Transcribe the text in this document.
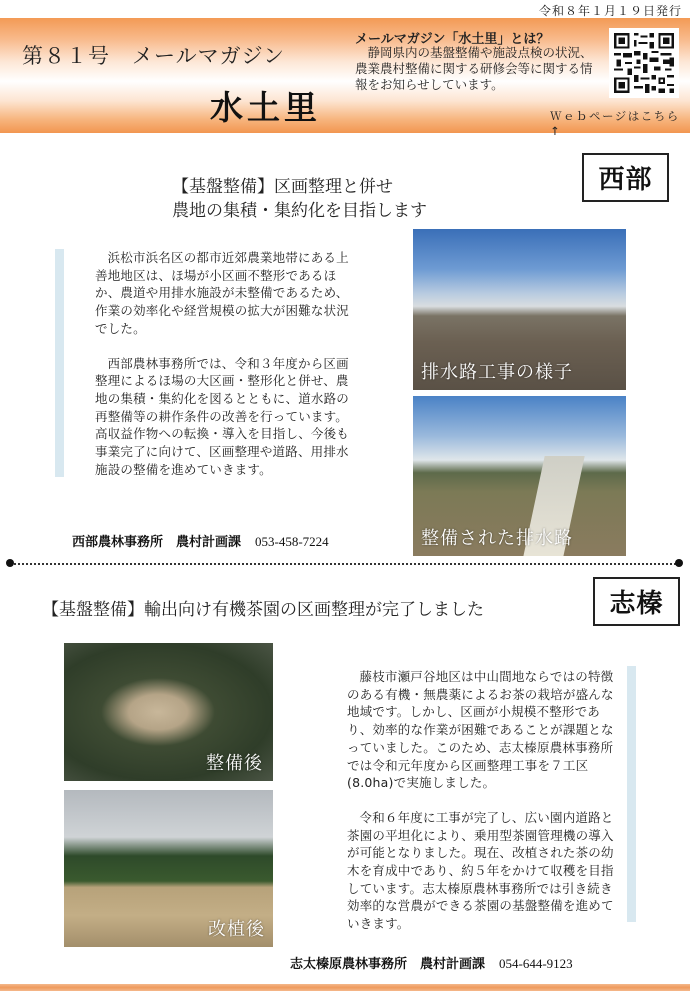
令和８年１月１９日発行
第８１号　メールマガジン
水土里
メールマガジン「水土里」とは？
　静岡県内の基盤整備や施設点検の状況、農業農村整備に関する研修会等に関する情報をお知らせしています。
Ｗｅｂページはこちら↑
西部
【基盤整備】区画整理と併せ
農地の集積・集約化を目指します

浜松市浜名区の都市近郊農業地帯にある上善地地区は、ほ場が小区画不整形であるほか、農道や用排水施設が未整備であるため、作業の効率化や経営規模の拡大が困難な状況でした。

西部農林事務所では、令和３年度から区画整理によるほ場の大区画・整形化と併せ、農地の集積・集約化を図るとともに、道水路の再整備等の耕作条件の改善を行っています。高収益作物への転換・導入を目指し、今後も事業完了に向けて、区画整理や道路、用排水施設の整備を進めていきます。

排水路工事の様子
整備された排水路
西部農林事務所　農村計画課 053-458-7224
【基盤整備】輸出向け有機茶園の区画整理が完了しました	志榛
整備後
改植後

藤枝市瀬戸谷地区は中山間地ならではの特徴のある有機・無農薬によるお茶の栽培が盛んな地域です。しかし、区画が小規模不整形であり、効率的な作業が困難であることが課題となっていました。このため、志太榛原農林事務所では令和元年度から区画整理工事を７工区(8.0ha)で実施しました。

令和６年度に工事が完了し、広い園内道路と茶園の平坦化により、乗用型茶園管理機の導入が可能となりました。現在、改植された茶の幼木を育成中であり、約５年をかけて収穫を目指しています。志太榛原農林事務所では引き続き効率的な営農ができる茶園の基盤整備を進めていきます。

志太榛原農林事務所　農村計画課 054-644-9123
